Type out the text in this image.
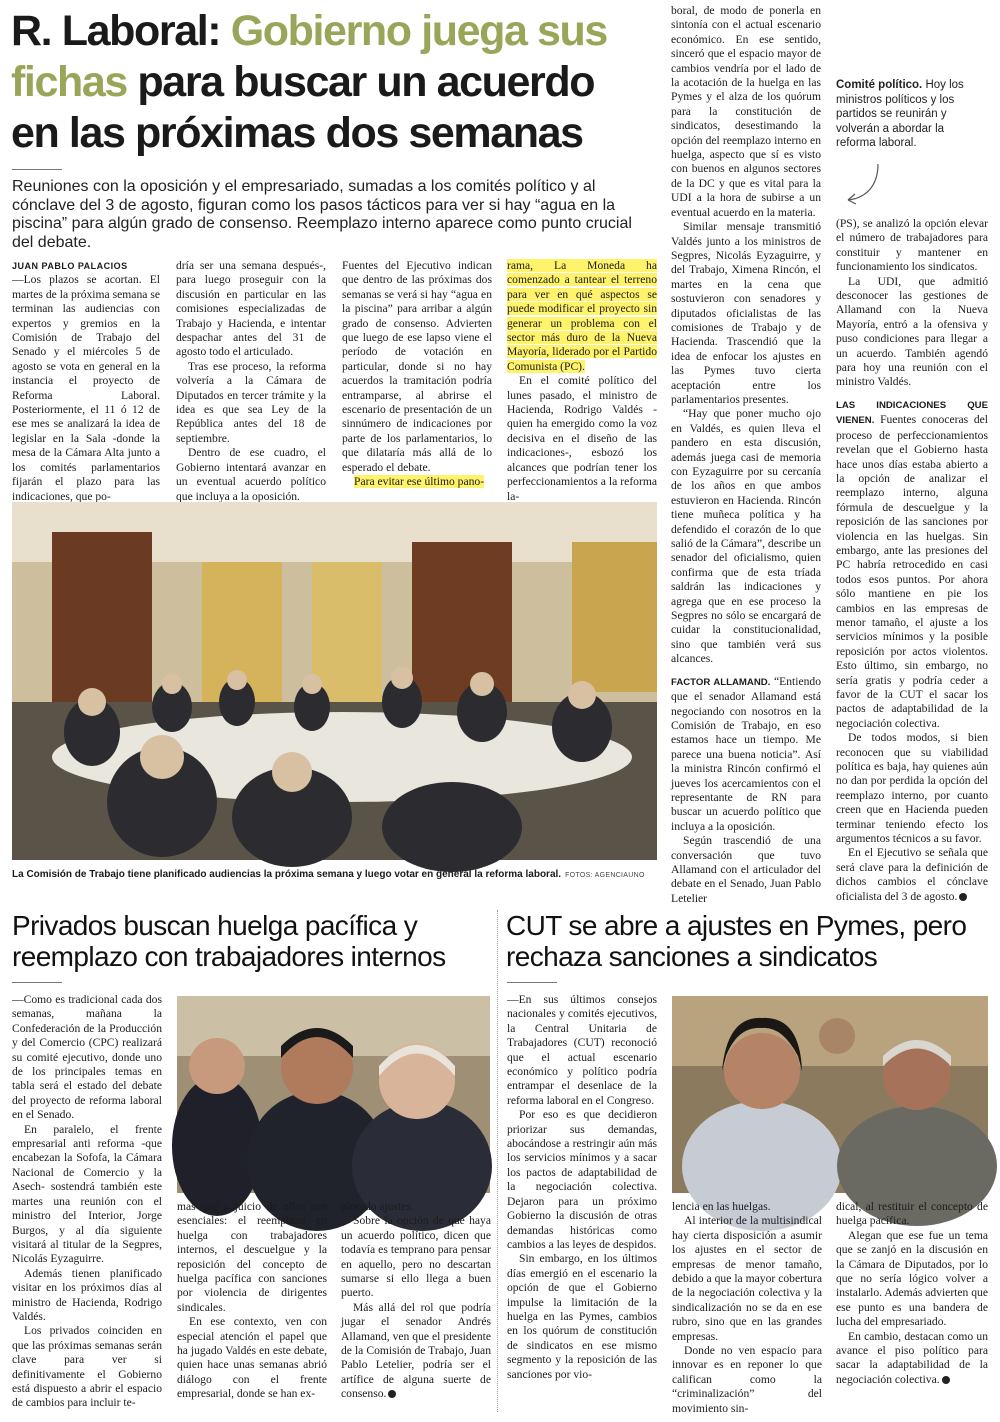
R. Laboral: Gobierno juega sus
fichas para buscar un acuerdo
en las próximas dos semanas
Reuniones con la oposición y el empresariado, sumadas a los comités político y al cónclave del 3 de agosto, figuran como los pasos tácticos para ver si hay “agua en la piscina” para algún grado de consenso. Reemplazo interno aparece como punto crucial del debate.
JUAN PABLO PALACIOS

—Los plazos se acortan. El martes de la próxima semana se terminan las audiencias con expertos y gremios en la Comisión de Trabajo del Senado y el miércoles 5 de agosto se vota en general en la instancia el proyecto de Reforma Laboral. Posteriormente, el 11 ó 12 de ese mes se analizará la idea de legislar en la Sala -donde la mesa de la Cámara Alta junto a los comités parlamentarios fijarán el plazo para las indicaciones, que po-

dría ser una semana después-, para luego proseguir con la discusión en particular en las comisiones especializadas de Trabajo y Hacienda, e intentar despachar antes del 31 de agosto todo el articulado.

Tras ese proceso, la reforma volvería a la Cámara de Diputados en tercer trámite y la idea es que sea Ley de la República antes del 18 de septiembre.

Dentro de ese cuadro, el Gobierno intentará avanzar en un eventual acuerdo político que incluya a la oposición.

Fuentes del Ejecutivo indican que dentro de las próximas dos semanas se verá si hay “agua en la piscina” para arribar a algún grado de consenso. Advierten que luego de ese lapso viene el período de votación en particular, donde si no hay acuerdos la tramitación podría entramparse, al abrirse el escenario de presentación de un sinnúmero de indicaciones por parte de los parlamentarios, lo que dilataría más allá de lo esperado el debate.

Para evitar ese último pano-

rama, La Moneda ha comenzado a tantear el terreno para ver en qué aspectos se puede modificar el proyecto sin generar un problema con el sector más duro de la Nueva Mayoría, liderado por el Partido Comunista (PC).

En el comité político del lunes pasado, el ministro de Hacienda, Rodrigo Valdés -quien ha emergido como la voz decisiva en el diseño de las indicaciones-, esbozó los alcances que podrían tener los perfeccionamientos a la reforma la-

boral, de modo de ponerla en sintonía con el actual escenario económico. En ese sentido, sinceró que el espacio mayor de cambios vendría por el lado de la acotación de la huelga en las Pymes y el alza de los quórum para la constitución de sindicatos, desestimando la opción del reemplazo interno en huelga, aspecto que sí es visto con buenos en algunos sectores de la DC y que es vital para la UDI a la hora de subirse a un eventual acuerdo en la materia.

Similar mensaje transmitió Valdés junto a los ministros de Segpres, Nicolás Eyzaguirre, y del Trabajo, Ximena Rincón, el martes en la cena que sostuvieron con senadores y diputados oficialistas de las comisiones de Trabajo y de Hacienda. Trascendió que la idea de enfocar los ajustes en las Pymes tuvo cierta aceptación entre los parlamentarios presentes.

“Hay que poner mucho ojo en Valdés, es quien lleva el pandero en esta discusión, además juega casi de memoria con Eyzaguirre por su cercanía de los años en que ambos estuvieron en Hacienda. Rincón tiene muñeca política y ha defendido el corazón de lo que salió de la Cámara”, describe un senador del oficialismo, quien confirma que de esta tríada saldrán las indicaciones y agrega que en ese proceso la Segpres no sólo se encargará de cuidar la constitucionalidad, sino que también verá sus alcances.

FACTOR ALLAMAND. “Entiendo que el senador Allamand está negociando con nosotros en la Comisión de Trabajo, en eso estamos hace un tiempo. Me parece una buena noticia”. Así la ministra Rincón confirmó el jueves los acercamientos con el representante de RN para buscar un acuerdo político que incluya a la oposición.

Según trascendió de una conversación que tuvo Allamand con el articulador del debate en el Senado, Juan Pablo Letelier

Comité político. Hoy los ministros políticos y los partidos se reunirán y volverán a abordar la reforma laboral.

(PS), se analizó la opción elevar el número de trabajadores para constituir y mantener en funcionamiento los sindicatos.

La UDI, que admitió desconocer las gestiones de Allamand con la Nueva Mayoría, entró a la ofensiva y puso condiciones para llegar a un acuerdo. También agendó para hoy una reunión con el ministro Valdés.

LAS INDICACIONES QUE VIENEN. Fuentes conoceras del proceso de perfeccionamientos revelan que el Gobierno hasta hace unos días estaba abierto a la opción de analizar el reemplazo interno, alguna fórmula de descuelgue y la reposición de las sanciones por violencia en las huelgas. Sin embargo, ante las presiones del PC habría retrocedido en casi todos esos puntos. Por ahora sólo mantiene en pie los cambios en las empresas de menor tamaño, el ajuste a los servicios mínimos y la posible reposición por actos violentos. Esto último, sin embargo, no sería gratis y podría ceder a favor de la CUT el sacar los pactos de adaptabilidad de la negociación colectiva.

De todos modos, si bien reconocen que su viabilidad política es baja, hay quienes aún no dan por perdida la opción del reemplazo interno, por cuanto creen que en Hacienda pueden terminar teniendo efecto los argumentos técnicos a su favor.

En el Ejecutivo se señala que será clave para la definición de dichos cambios el cónclave oficialista del 3 de agosto.

La Comisión de Trabajo tiene planificado audiencias la próxima semana y luego votar en general la reforma laboral. FOTOS: AGENCIAUNO
Privados buscan huelga pacífica y reemplazo con trabajadores internos

—Como es tradicional cada dos semanas, mañana la Confederación de la Producción y del Comercio (CPC) realizará su comité ejecutivo, donde uno de los principales temas en tabla será el estado del debate del proyecto de reforma laboral en el Senado.

En paralelo, el frente empresarial anti reforma -que encabezan la Sofofa, la Cámara Nacional de Comercio y la Asech- sostendrá también este martes una reunión con el ministro del Interior, Jorge Burgos, y al día siguiente visitará al titular de la Segpres, Nicolás Eyzaguirre.

Además tienen planificado visitar en los próximos días al ministro de Hacienda, Rodrigo Valdés.

Los privados coinciden en que las próximas semanas serán clave para ver si definitivamente el Gobierno está dispuesto a abrir el espacio de cambios para incluir te-

mas que a juicio de ellos son esenciales: el reemplazo en huelga con trabajadores internos, el descuelgue y la reposición del concepto de huelga pacífica con sanciones por violencia de dirigentes sindicales.

En ese contexto, ven con especial atención el papel que ha jugado Valdés en este debate, quien hace unas semanas abrió diálogo con el frente empresarial, donde se han ex-

plorado ajustes.

Sobre la opción de que haya un acuerdo político, dicen que todavía es temprano para pensar en aquello, pero no descartan sumarse si ello llega a buen puerto.

Más allá del rol que podría jugar el senador Andrés Allamand, ven que el presidente de la Comisión de Trabajo, Juan Pablo Letelier, podría ser el artífice de alguna suerte de consenso.

CUT se abre a ajustes en Pymes, pero rechaza sanciones a sindicatos

—En sus últimos consejos nacionales y comités ejecutivos, la Central Unitaria de Trabajadores (CUT) reconoció que el actual escenario económico y político podría entrampar el desenlace de la reforma laboral en el Congreso.

Por eso es que decidieron priorizar sus demandas, abocándose a restringir aún más los servicios mínimos y a sacar los pactos de adaptabilidad de la negociación colectiva. Dejaron para un próximo Gobierno la discusión de otras demandas históricas como cambios a las leyes de despidos.

Sin embargo, en los últimos días emergió en el escenario la opción de que el Gobierno impulse la limitación de la huelga en las Pymes, cambios en los quórum de constitución de sindicatos en ese mismo segmento y la reposición de las sanciones por vio-

lencia en las huelgas.

Al interior de la multisindical hay cierta disposición a asumir los ajustes en el sector de empresas de menor tamaño, debido a que la mayor cobertura de la negociación colectiva y la sindicalización no se da en ese rubro, sino que en las grandes empresas.

Donde no ven espacio para innovar es en reponer lo que califican como la “criminalización” del movimiento sin-

dical, al restituir el concepto de huelga pacífica.

Alegan que ese fue un tema que se zanjó en la discusión en la Cámara de Diputados, por lo que no sería lógico volver a instalarlo. Además advierten que ese punto es una bandera de lucha del empresariado.

En cambio, destacan como un avance el piso político para sacar la adaptabilidad de la negociación colectiva.
